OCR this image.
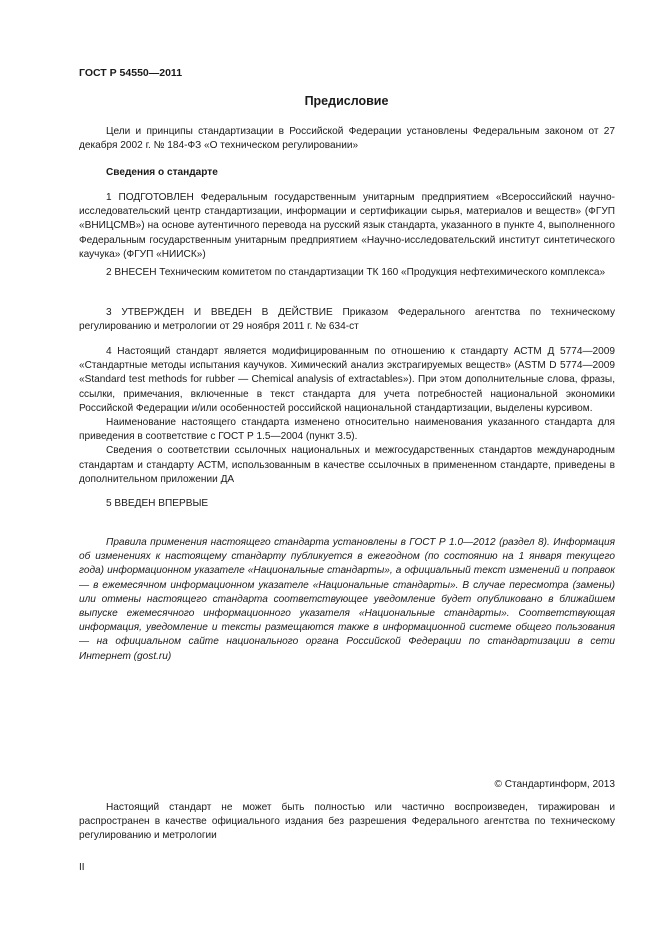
ГОСТ Р 54550—2011
Предисловие

Цели и принципы стандартизации в Российской Федерации установлены Федеральным законом от 27 декабря 2002 г. № 184-ФЗ «О техническом регулировании»

Сведения о стандарте

1 ПОДГОТОВЛЕН Федеральным государственным унитарным предприятием «Всероссийский научно-исследовательский центр стандартизации, информации и сертификации сырья, материалов и веществ» (ФГУП «ВНИЦСМВ») на основе аутентичного перевода на русский язык стандарта, указанного в пункте 4, выполненного Федеральным государственным унитарным предприятием «Научно-исследовательский институт синтетического каучука» (ФГУП «НИИСК»)

2 ВНЕСЕН Техническим комитетом по стандартизации ТК 160 «Продукция нефтехимического комплекса»

3 УТВЕРЖДЕН И ВВЕДЕН В ДЕЙСТВИЕ Приказом Федерального агентства по техническому регулированию и метрологии от 29 ноября 2011 г. № 634-ст

4 Настоящий стандарт является модифицированным по отношению к стандарту АСТМ Д 5774—2009 «Стандартные методы испытания каучуков. Химический анализ экстрагируемых веществ» (ASTM D 5774—2009 «Standard test methods for rubber — Chemical analysis of extractables»). При этом дополнительные слова, фразы, ссылки, примечания, включенные в текст стандарта для учета потребностей национальной экономики Российской Федерации и/или особенностей российской национальной стандартизации, выделены курсивом.

Наименование настоящего стандарта изменено относительно наименования указанного стандарта для приведения в соответствие с ГОСТ Р 1.5—2004 (пункт 3.5).

Сведения о соответствии ссылочных национальных и межгосударственных стандартов международным стандартам и стандарту АСТМ, использованным в качестве ссылочных в примененном стандарте, приведены в дополнительном приложении ДА

5 ВВЕДЕН ВПЕРВЫЕ

Правила применения настоящего стандарта установлены в ГОСТ Р 1.0—2012 (раздел 8). Информация об изменениях к настоящему стандарту публикуется в ежегодном (по состоянию на 1 января текущего года) информационном указателе «Национальные стандарты», а официальный текст изменений и поправок — в ежемесячном информационном указателе «Национальные стандарты». В случае пересмотра (замены) или отмены настоящего стандарта соответствующее уведомление будет опубликовано в ближайшем выпуске ежемесячного информационного указателя «Национальные стандарты». Соответствующая информация, уведомление и тексты размещаются также в информационной системе общего пользования — на официальном сайте национального органа Российской Федерации по стандартизации в сети Интернет (gost.ru)

© Стандартинформ, 2013

Настоящий стандарт не может быть полностью или частично воспроизведен, тиражирован и распространен в качестве официального издания без разрешения Федерального агентства по техническому регулированию и метрологии

II
